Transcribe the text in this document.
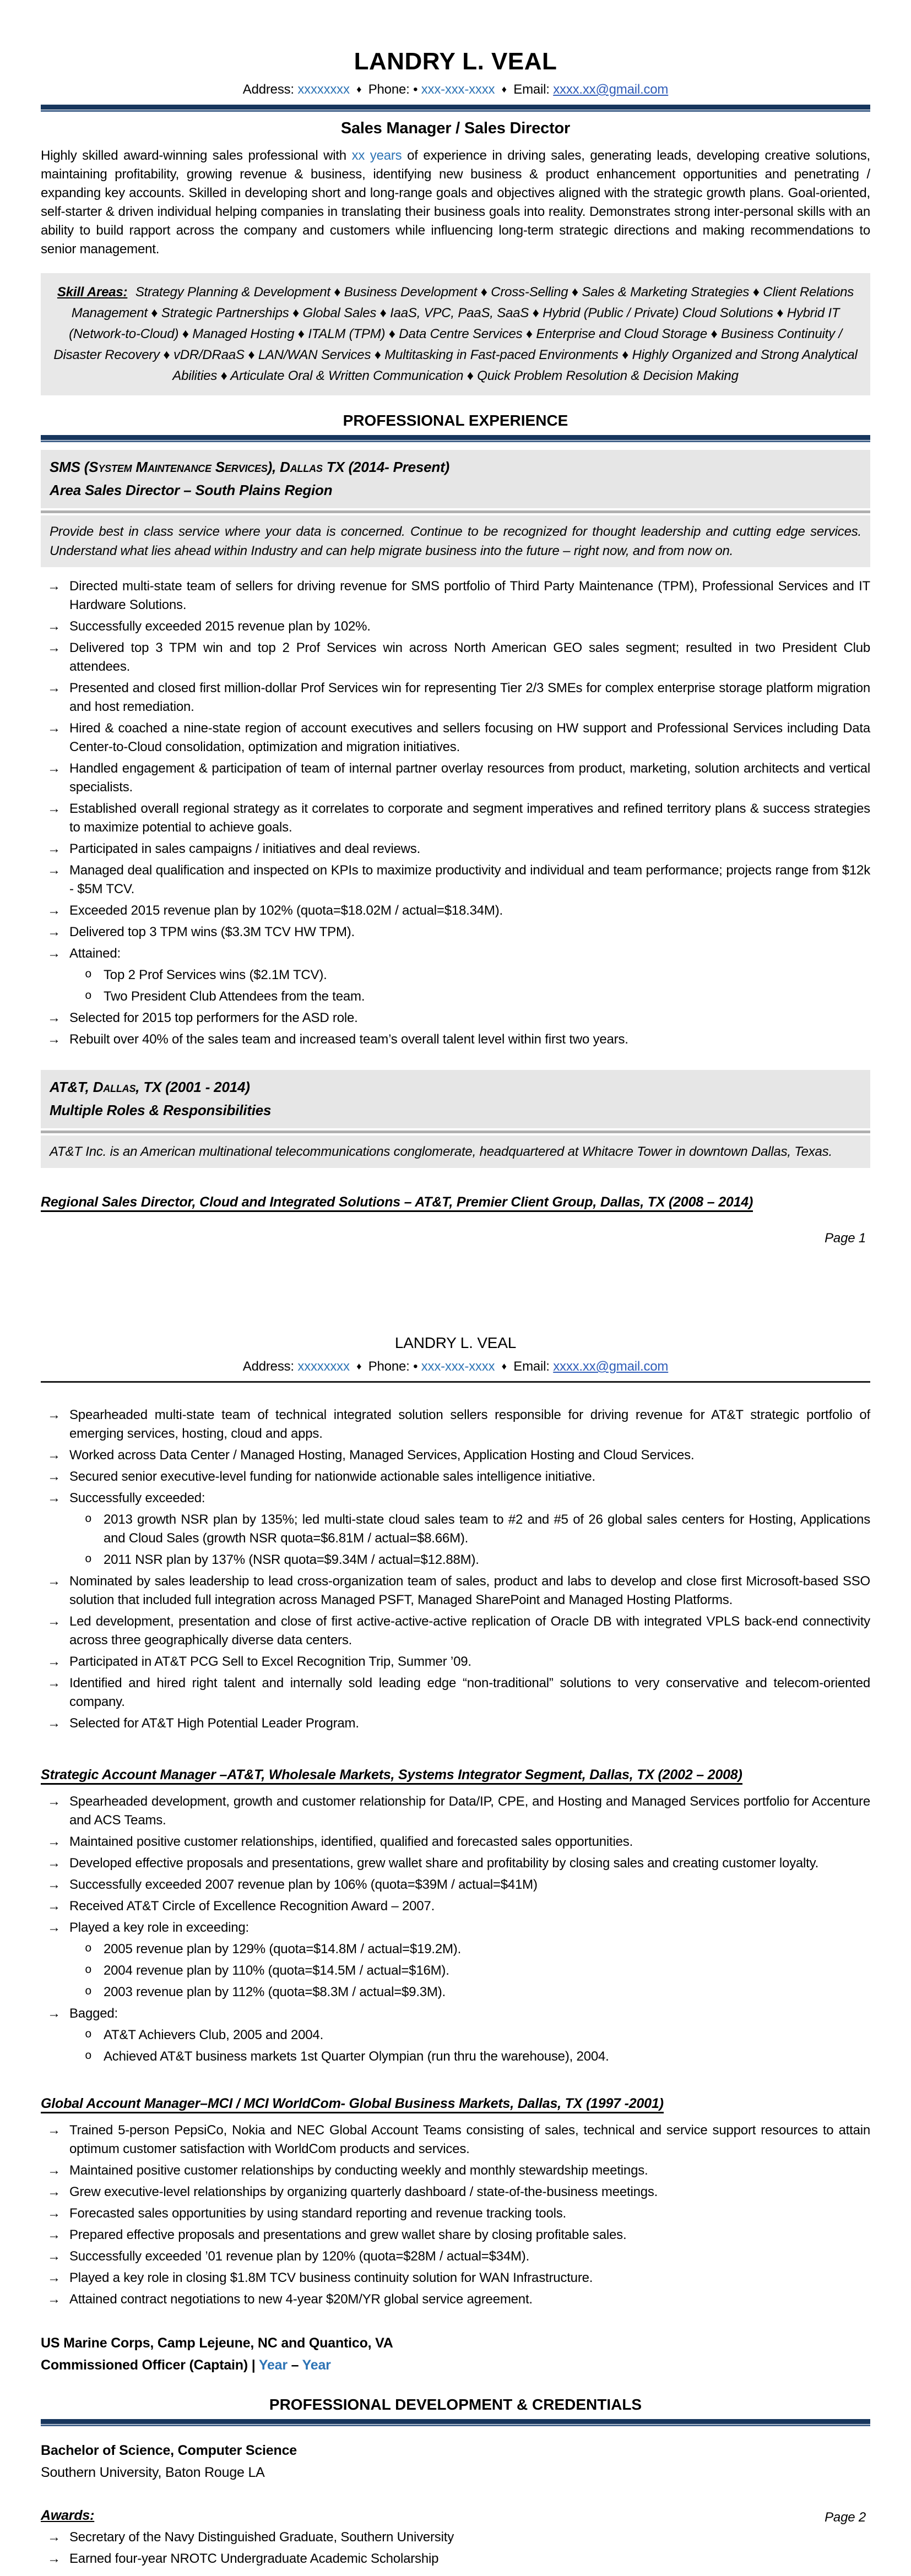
LANDRY L. VEAL
Address: xxxxxxxx ♦ Phone: • xxx-xxx-xxxx ♦ Email: xxxx.xx@gmail.com
Sales Manager / Sales Director

Highly skilled award-winning sales professional with xx years of experience in driving sales, generating leads, developing creative solutions, maintaining profitability, growing revenue & business, identifying new business & product enhancement opportunities and penetrating / expanding key accounts. Skilled in developing short and long-range goals and objectives aligned with the strategic growth plans. Goal-oriented, self-starter & driven individual helping companies in translating their business goals into reality. Demonstrates strong inter-personal skills with an ability to build rapport across the company and customers while influencing long-term strategic directions and making recommendations to senior management.

Skill Areas: Strategy Planning & Development ♦ Business Development ♦ Cross-Selling ♦ Sales & Marketing Strategies ♦ Client Relations Management ♦ Strategic Partnerships ♦ Global Sales ♦ IaaS, VPC, PaaS, SaaS ♦ Hybrid (Public / Private) Cloud Solutions ♦ Hybrid IT (Network-to-Cloud) ♦ Managed Hosting ♦ ITALM (TPM) ♦ Data Centre Services ♦ Enterprise and Cloud Storage ♦ Business Continuity / Disaster Recovery ♦ vDR/DRaaS ♦ LAN/WAN Services ♦ Multitasking in Fast-paced Environments ♦ Highly Organized and Strong Analytical Abilities ♦ Articulate Oral & Written Communication ♦ Quick Problem Resolution & Decision Making
PROFESSIONAL EXPERIENCE
SMS (System Maintenance Services), Dallas TX (2014- Present)
Area Sales Director – South Plains Region
Provide best in class service where your data is concerned. Continue to be recognized for thought leadership and cutting edge services. Understand what lies ahead within Industry and can help migrate business into the future – right now, and from now on.
→ Directed multi-state team of sellers for driving revenue for SMS portfolio of Third Party Maintenance (TPM), Professional Services and IT Hardware Solutions.
→ Successfully exceeded 2015 revenue plan by 102%.
→ Delivered top 3 TPM win and top 2 Prof Services win across North American GEO sales segment; resulted in two President Club attendees.
→ Presented and closed first million-dollar Prof Services win for representing Tier 2/3 SMEs for complex enterprise storage platform migration and host remediation.
→ Hired & coached a nine-state region of account executives and sellers focusing on HW support and Professional Services including Data Center-to-Cloud consolidation, optimization and migration initiatives.
→ Handled engagement & participation of team of internal partner overlay resources from product, marketing, solution architects and vertical specialists.
→ Established overall regional strategy as it correlates to corporate and segment imperatives and refined territory plans & success strategies to maximize potential to achieve goals.
→ Participated in sales campaigns / initiatives and deal reviews.
→ Managed deal qualification and inspected on KPIs to maximize productivity and individual and team performance; projects range from $12k - $5M TCV.
→ Exceeded 2015 revenue plan by 102% (quota=$18.02M / actual=$18.34M).
→ Delivered top 3 TPM wins ($3.3M TCV HW TPM).
→ Attained:
o Top 2 Prof Services wins ($2.1M TCV).
o Two President Club Attendees from the team.
→ Selected for 2015 top performers for the ASD role.
→ Rebuilt over 40% of the sales team and increased team’s overall talent level within first two years.
AT&T, Dallas, TX (2001 - 2014)
Multiple Roles & Responsibilities
AT&T Inc. is an American multinational telecommunications conglomerate, headquartered at Whitacre Tower in downtown Dallas, Texas.
Regional Sales Director, Cloud and Integrated Solutions – AT&T, Premier Client Group, Dallas, TX (2008 – 2014)
Page 1
LANDRY L. VEAL
Address: xxxxxxxx ♦ Phone: • xxx-xxx-xxxx ♦ Email: xxxx.xx@gmail.com
→ Spearheaded multi-state team of technical integrated solution sellers responsible for driving revenue for AT&T strategic portfolio of emerging services, hosting, cloud and apps.
→ Worked across Data Center / Managed Hosting, Managed Services, Application Hosting and Cloud Services.
→ Secured senior executive-level funding for nationwide actionable sales intelligence initiative.
→ Successfully exceeded:
o 2013 growth NSR plan by 135%; led multi-state cloud sales team to #2 and #5 of 26 global sales centers for Hosting, Applications and Cloud Sales (growth NSR quota=$6.81M / actual=$8.66M).
o 2011 NSR plan by 137% (NSR quota=$9.34M / actual=$12.88M).
→ Nominated by sales leadership to lead cross-organization team of sales, product and labs to develop and close first Microsoft-based SSO solution that included full integration across Managed PSFT, Managed SharePoint and Managed Hosting Platforms.
→ Led development, presentation and close of first active-active-active replication of Oracle DB with integrated VPLS back-end connectivity across three geographically diverse data centers.
→ Participated in AT&T PCG Sell to Excel Recognition Trip, Summer ’09.
→ Identified and hired right talent and internally sold leading edge “non-traditional” solutions to very conservative and telecom-oriented company.
→ Selected for AT&T High Potential Leader Program.
Strategic Account Manager –AT&T, Wholesale Markets, Systems Integrator Segment, Dallas, TX (2002 – 2008)
→ Spearheaded development, growth and customer relationship for Data/IP, CPE, and Hosting and Managed Services portfolio for Accenture and ACS Teams.
→ Maintained positive customer relationships, identified, qualified and forecasted sales opportunities.
→ Developed effective proposals and presentations, grew wallet share and profitability by closing sales and creating customer loyalty.
→ Successfully exceeded 2007 revenue plan by 106% (quota=$39M / actual=$41M)
→ Received AT&T Circle of Excellence Recognition Award – 2007.
→ Played a key role in exceeding:
o 2005 revenue plan by 129% (quota=$14.8M / actual=$19.2M).
o 2004 revenue plan by 110% (quota=$14.5M / actual=$16M).
o 2003 revenue plan by 112% (quota=$8.3M / actual=$9.3M).
→ Bagged:
o AT&T Achievers Club, 2005 and 2004.
o Achieved AT&T business markets 1st Quarter Olympian (run thru the warehouse), 2004.
Global Account Manager–MCI / MCI WorldCom- Global Business Markets, Dallas, TX (1997 -2001)
→ Trained 5-person PepsiCo, Nokia and NEC Global Account Teams consisting of sales, technical and service support resources to attain optimum customer satisfaction with WorldCom products and services.
→ Maintained positive customer relationships by conducting weekly and monthly stewardship meetings.
→ Grew executive-level relationships by organizing quarterly dashboard / state-of-the-business meetings.
→ Forecasted sales opportunities by using standard reporting and revenue tracking tools.
→ Prepared effective proposals and presentations and grew wallet share by closing profitable sales.
→ Successfully exceeded ’01 revenue plan by 120% (quota=$28M / actual=$34M).
→ Played a key role in closing $1.8M TCV business continuity solution for WAN Infrastructure.
→ Attained contract negotiations to new 4-year $20M/YR global service agreement.
US Marine Corps, Camp Lejeune, NC and Quantico, VA
Commissioned Officer (Captain) | Year – Year
PROFESSIONAL DEVELOPMENT & CREDENTIALS
Bachelor of Science, Computer Science
Southern University, Baton Rouge LA
Awards:
→ Secretary of the Navy Distinguished Graduate, Southern University
→ Earned four-year NROTC Undergraduate Academic Scholarship
Page 2
